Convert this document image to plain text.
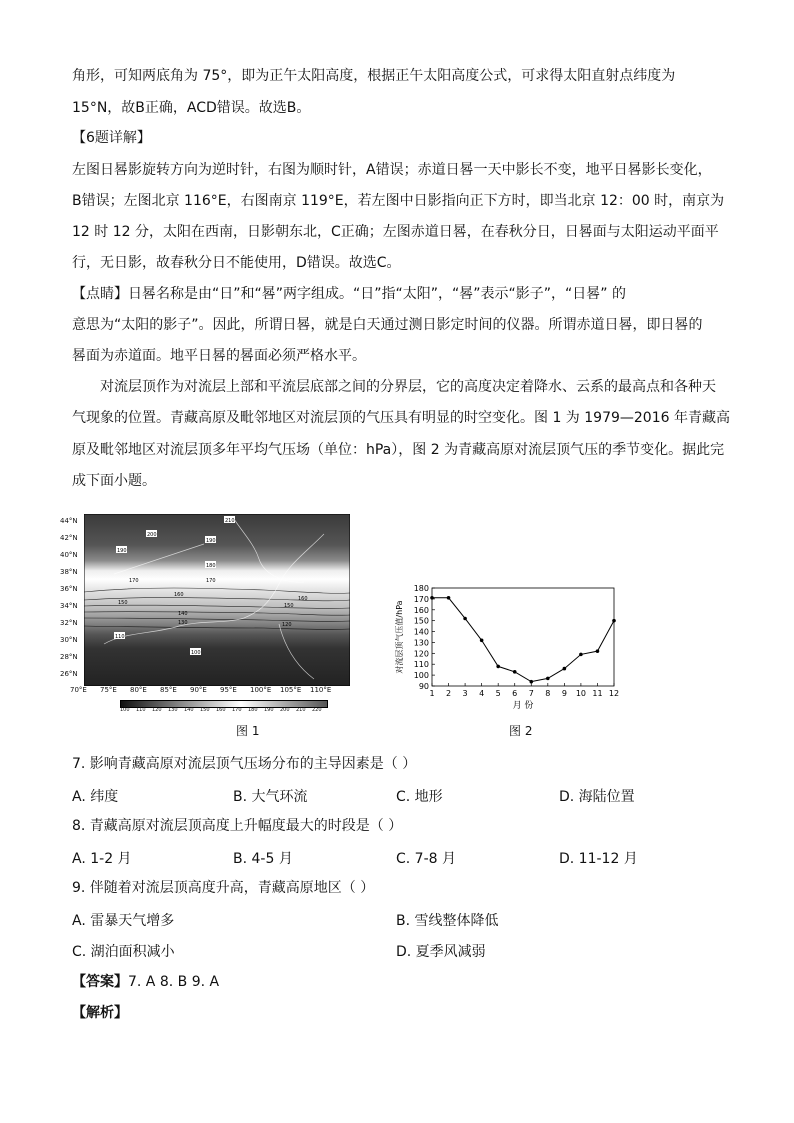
角形，可知两底角为 75°，即为正午太阳高度，根据正午太阳高度公式，可求得太阳直射点纬度为
15°N，故B正确，ACD错误。故选B。
【6题详解】
左图日晷影旋转方向为逆时针，右图为顺时针，A错误；赤道日晷一天中影长不变，地平日晷影长变化，
B错误；左图北京 116°E，右图南京 119°E，若左图中日影指向正下方时，即当北京 12：00 时，南京为
12 时 12 分，太阳在西南，日影朝东北，C正确；左图赤道日晷，在春秋分日，日晷面与太阳运动平面平
行，无日影，故春秋分日不能使用，D错误。故选C。
【点睛】日晷名称是由“日”和“晷”两字组成。“日”指“太阳”，“晷”表示“影子”，“日晷” 的
意思为“太阳的影子”。因此，所谓日晷，就是白天通过测日影定时间的仪器。所谓赤道日晷，即日晷的
晷面为赤道面。地平日晷的晷面必须严格水平。
对流层顶作为对流层上部和平流层底部之间的分界层，它的高度决定着降水、云系的最高点和各种天
气现象的位置。青藏高原及毗邻地区对流层顶的气压具有明显的时空变化。图 1 为 1979—2016 年青藏高
原及毗邻地区对流层顶多年平均气压场（单位：hPa），图 2 为青藏高原对流层顶气压的季节变化。据此完
成下面小题。
210
200
190
190
180
170	170
160
160
150	150
140
130	120
110
100
44°N
42°N
40°N
38°N
36°N
34°N
32°N
30°N
28°N
26°N
70°E 75°E 80°E 85°E 90°E 95°E 100°E 105°E 110°E
100 110 120 130 140 150 160 170 180 190 200 210 220
图 1
90
100
110
120
130
140
150
160
170
180
1 2 3 4 5 6 7 8 9 10 11 12
月 份
对流层顶气压值/hPa
图 2
7. 影响青藏高原对流层顶气压场分布的主导因素是（ ）
A. 纬度	B. 大气环流	C. 地形	D. 海陆位置
8. 青藏高原对流层顶高度上升幅度最大的时段是（ ）
A. 1-2 月	B. 4-5 月	C. 7-8 月	D. 11-12 月
9. 伴随着对流层顶高度升高，青藏高原地区（ ）
A. 雷暴天气增多	B. 雪线整体降低
C. 湖泊面积减小	D. 夏季风减弱
【答案】7. A 8. B 9. A
【解析】
